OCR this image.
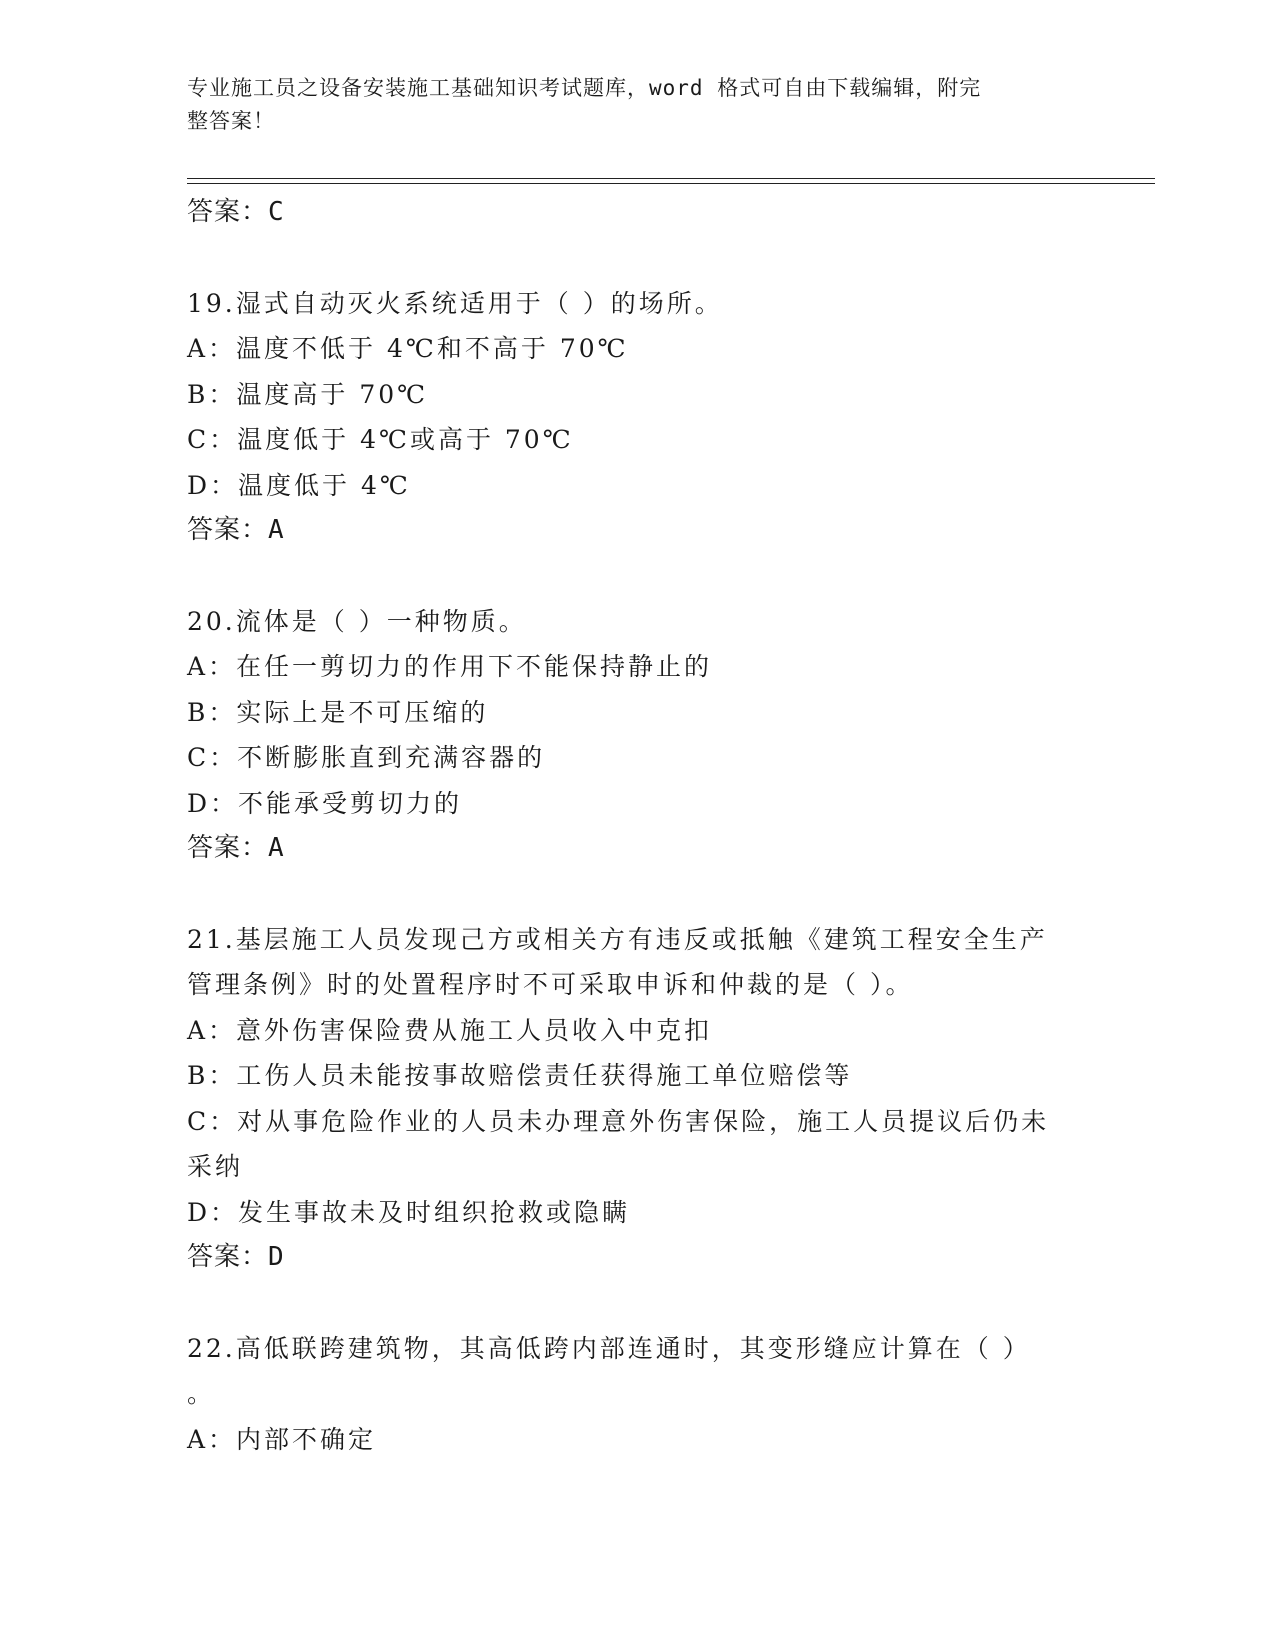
专业施工员之设备安装施工基础知识考试题库，word 格式可自由下载编辑，附完
整答案！
答案：C
19.湿式自动灭火系统适用于（ ）的场所。
A：温度不低于 4℃和不高于 70℃
B：温度高于 70℃
C：温度低于 4℃或高于 70℃
D：温度低于 4℃
答案：A
20.流体是（ ）一种物质。
A：在任一剪切力的作用下不能保持静止的
B：实际上是不可压缩的
C：不断膨胀直到充满容器的
D：不能承受剪切力的
答案：A
21.基层施工人员发现己方或相关方有违反或抵触《建筑工程安全生产
管理条例》时的处置程序时不可采取申诉和仲裁的是（ ）。
A：意外伤害保险费从施工人员收入中克扣
B：工伤人员未能按事故赔偿责任获得施工单位赔偿等
C：对从事危险作业的人员未办理意外伤害保险，施工人员提议后仍未
采纳
D：发生事故未及时组织抢救或隐瞒
答案：D
22.高低联跨建筑物，其高低跨内部连通时，其变形缝应计算在（ ）
。
A：内部不确定
